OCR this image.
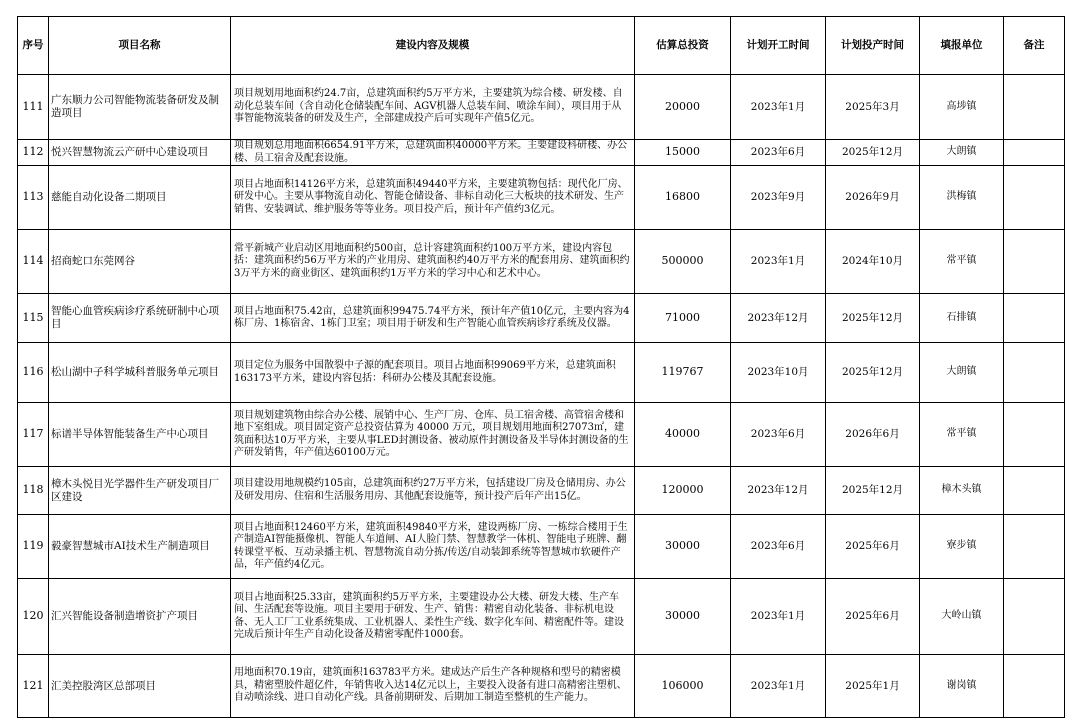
序号	项目名称	建设内容及规模	估算总投资	计划开工时间	计划投产时间	填报单位	备注
111	广东顺力公司智能物流装备研发及制造项目	项目规划用地面积约24.7亩，总建筑面积约5万平方米，主要建筑为综合楼、研发楼、自动化总装车间（含自动化仓储装配车间、AGV机器人总装车间、喷涂车间），项目用于从事智能物流装备的研发及生产，全部建成投产后可实现年产值5亿元。	20000	2023年1月	2025年3月	高埗镇	
112	悦兴智慧物流云产研中心建设项目	项目规划总用地面积6654.91平方米，总建筑面积40000平方米。主要建设科研楼、办公楼、员工宿舍及配套设施。	15000	2023年6月	2025年12月	大朗镇	
113	慈能自动化设备二期项目	项目占地面积14126平方米，总建筑面积49440平方米，主要建筑物包括：现代化厂房、研发中心。主要从事物流自动化、智能仓储设备、非标自动化三大板块的技术研发、生产销售、安装调试、维护服务等等业务。项目投产后，预计年产值约3亿元。	16800	2023年9月	2026年9月	洪梅镇	
114	招商蛇口东莞网谷	常平新城产业启动区用地面积约500亩，总计容建筑面积约100万平方米，建设内容包括：建筑面积约56万平方米的产业用房、建筑面积约40万平方米的配套用房、建筑面积约3万平方米的商业街区、建筑面积约1万平方米的学习中心和艺术中心。	500000	2023年1月	2024年10月	常平镇	
115	智能心血管疾病诊疗系统研制中心项目	项目占地面积75.42亩，总建筑面积99475.74平方米，预计年产值10亿元，主要内容为4栋厂房、1栋宿舍、1栋门卫室；项目用于研发和生产智能心血管疾病诊疗系统及仪器。	71000	2023年12月	2025年12月	石排镇	
116	松山湖中子科学城科普服务单元项目	项目定位为服务中国散裂中子源的配套项目。项目占地面积99069平方米，总建筑面积163173平方米，建设内容包括：科研办公楼及其配套设施。	119767	2023年10月	2025年12月	大朗镇	
117	标谱半导体智能装备生产中心项目	项目规划建筑物由综合办公楼、展销中心、生产厂房、仓库、员工宿舍楼、高管宿舍楼和地下室组成。项目固定资产总投资估算为 40000 万元，项目规划用地面积27073㎡，建筑面积达10万平方米，主要从事LED封测设备、被动原件封测设备及半导体封测设备的生产研发销售，年产值达60100万元。	40000	2023年6月	2026年6月	常平镇	
118	樟木头悦目光学器件生产研发项目厂区建设	项目建设用地规模约105亩，总建筑面积约27万平方米，包括建设厂房及仓储用房、办公及研发用房、住宿和生活服务用房、其他配套设施等，预计投产后年产出15亿。	120000	2023年12月	2025年12月	樟木头镇	
119	毅豪智慧城市AI技术生产制造项目	项目占地面积12460平方米，建筑面积49840平方米，建设两栋厂房、一栋综合楼用于生产制造AI智能摄像机、智能人车道闸、AI人脸门禁、智慧教学一体机、智能电子班牌、翻转课堂平板、互动录播主机、智慧物流自动分拣/传送/自动装卸系统等智慧城市软硬件产品，年产值约4亿元。	30000	2023年6月	2025年6月	寮步镇	
120	汇兴智能设备制造增资扩产项目	项目占地面积25.33亩，建筑面积约5万平方米，主要建设办公大楼、研发大楼、生产车间、生活配套等设施。项目主要用于研发、生产、销售：精密自动化装备、非标机电设备、无人工厂工业系统集成、工业机器人、柔性生产线、数字化车间、精密配件等。建设完成后预计年生产自动化设备及精密零配件1000套。	30000	2023年1月	2025年6月	大岭山镇	
121	汇美控股湾区总部项目	用地面积70.19亩，建筑面积163783平方米。建成达产后生产各种规格和型号的精密模具，精密塑胶件超亿件，年销售收入达14亿元以上，主要投入设备有进口高精密注塑机、自动喷涂线、进口自动化产线。具备前期研发、后期加工制造至整机的生产能力。	106000	2023年1月	2025年1月	谢岗镇	
